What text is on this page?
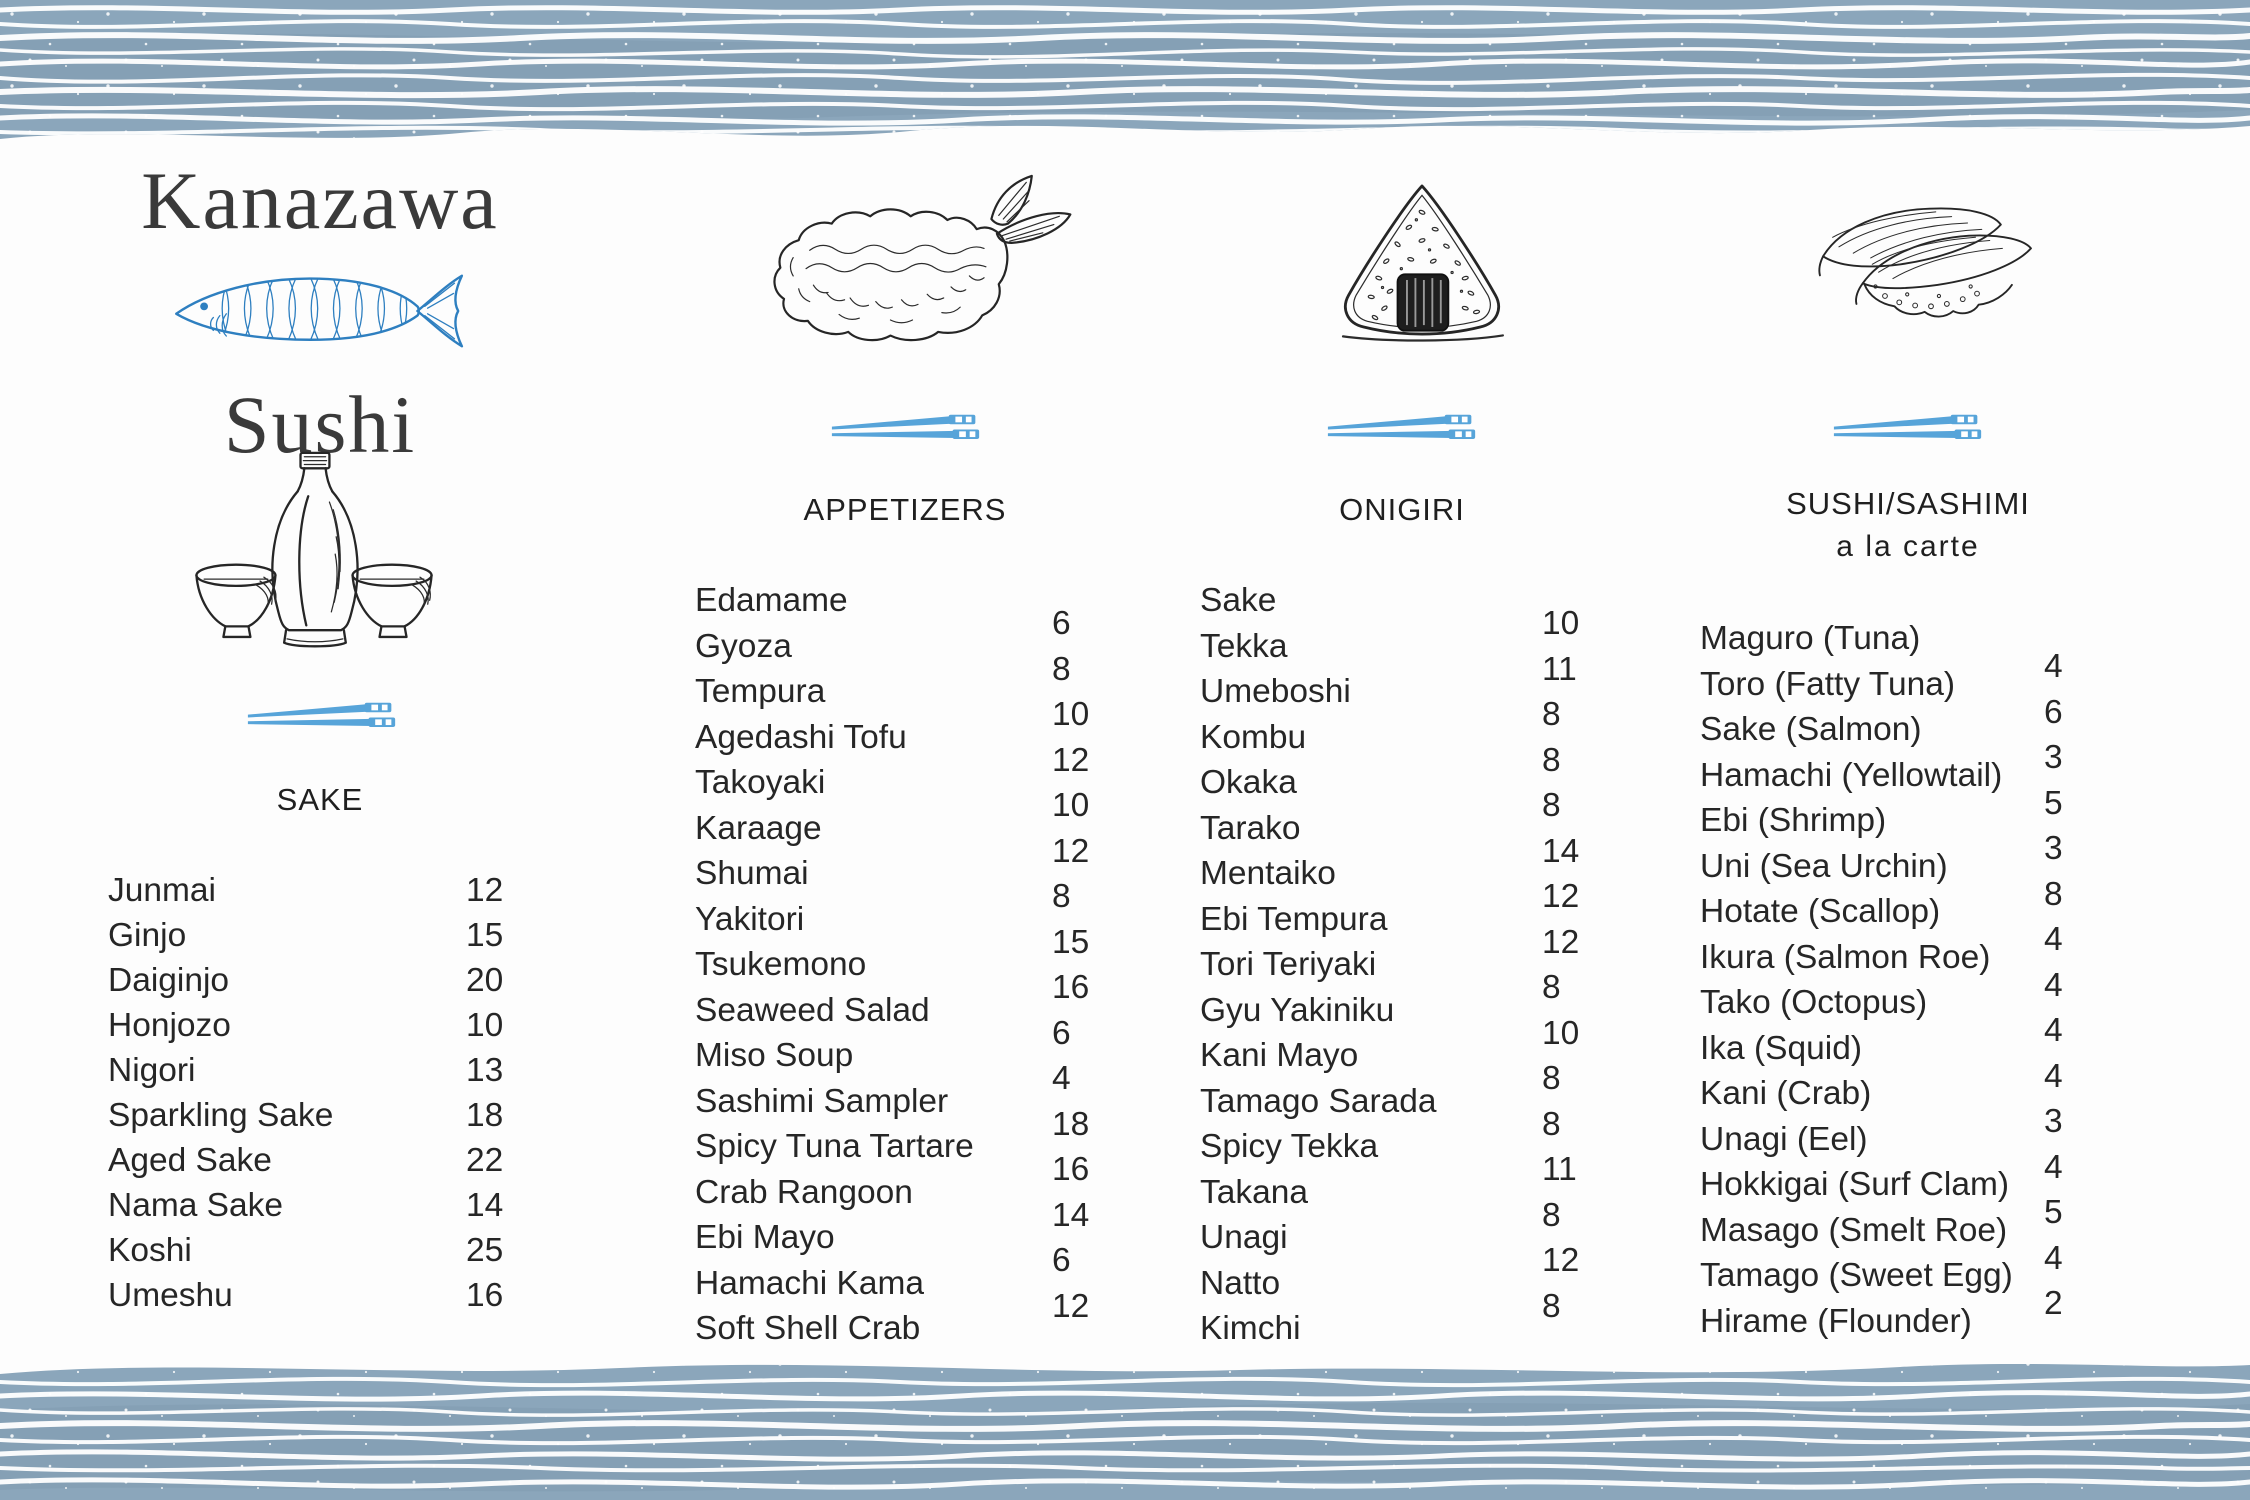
Kanazawa
Sushi
SAKE
Junmai
Ginjo
Daiginjo
Honjozo
Nigori
Sparkling Sake
Aged Sake
Nama Sake
Koshi
Umeshu
12
15
20
10
13
18
22
14
25
16
APPETIZERS
Edamame
Gyoza
Tempura
Agedashi Tofu
Takoyaki
Karaage
Shumai
Yakitori
Tsukemono
Seaweed Salad
Miso Soup
Sashimi Sampler
Spicy Tuna Tartare
Crab Rangoon
Ebi Mayo
Hamachi Kama
Soft Shell Crab
6
8
10
12
10
12
8
15
16
6
4
18
16
14
6
12
ONIGIRI
Sake
Tekka
Umeboshi
Kombu
Okaka
Tarako
Mentaiko
Ebi Tempura
Tori Teriyaki
Gyu Yakiniku
Kani Mayo
Tamago Sarada
Spicy Tekka
Takana
Unagi
Natto
Kimchi
10
11
8
8
8
14
12
12
8
10
8
8
11
8
12
8
SUSHI/SASHIMI
a la carte
Maguro (Tuna)
Toro (Fatty Tuna)
Sake (Salmon)
Hamachi (Yellowtail)
Ebi (Shrimp)
Uni (Sea Urchin)
Hotate (Scallop)
Ikura (Salmon Roe)
Tako (Octopus)
Ika (Squid)
Kani (Crab)
Unagi (Eel)
Hokkigai (Surf Clam)
Masago (Smelt Roe)
Tamago (Sweet Egg)
Hirame (Flounder)
4
6
3
5
3
8
4
4
4
4
3
4
5
4
2
